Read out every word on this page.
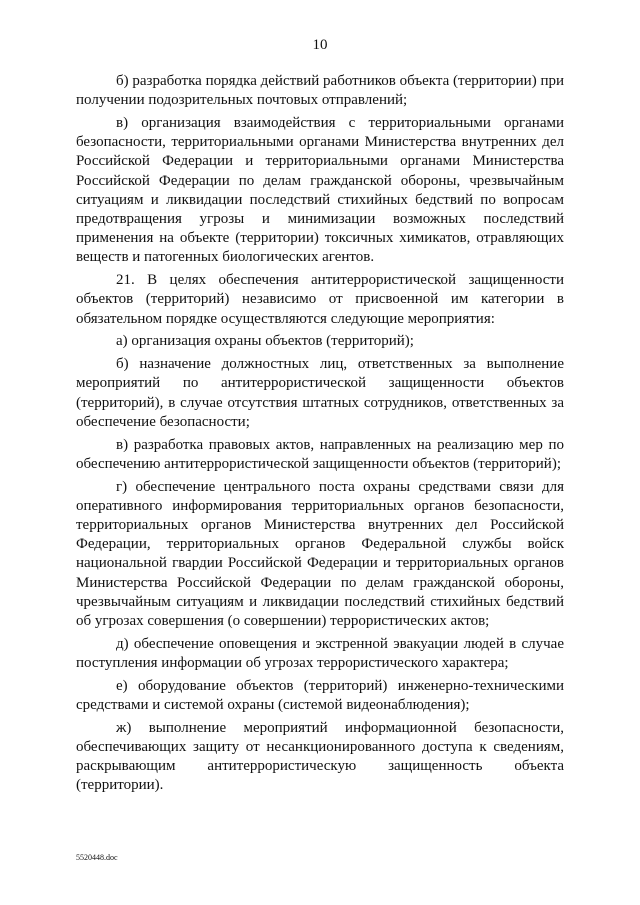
10

б) разработка порядка действий работников объекта (территории) при получении подозрительных почтовых отправлений;

в) организация взаимодействия с территориальными органами безопасности, территориальными органами Министерства внутренних дел Российской Федерации и территориальными органами Министерства Российской Федерации по делам гражданской обороны, чрезвычайным ситуациям и ликвидации последствий стихийных бедствий по вопросам предотвращения угрозы и минимизации возможных последствий применения на объекте (территории) токсичных химикатов, отравляющих веществ и патогенных биологических агентов.

21. В целях обеспечения антитеррористической защищенности объектов (территорий) независимо от присвоенной им категории в обязательном порядке осуществляются следующие мероприятия:

а) организация охраны объектов (территорий);

б) назначение должностных лиц, ответственных за выполнение мероприятий по антитеррористической защищенности объектов (территорий), в случае отсутствия штатных сотрудников, ответственных за обеспечение безопасности;

в) разработка правовых актов, направленных на реализацию мер по обеспечению антитеррористической защищенности объектов (территорий);

г) обеспечение центрального поста охраны средствами связи для оперативного информирования территориальных органов безопасности, территориальных органов Министерства внутренних дел Российской Федерации, территориальных органов Федеральной службы войск национальной гвардии Российской Федерации и территориальных органов Министерства Российской Федерации по делам гражданской обороны, чрезвычайным ситуациям и ликвидации последствий стихийных бедствий об угрозах совершения (о совершении) террористических актов;

д) обеспечение оповещения и экстренной эвакуации людей в случае поступления информации об угрозах террористического характера;

е) оборудование объектов (территорий) инженерно-техническими средствами и системой охраны (системой видеонаблюдения);

ж) выполнение мероприятий информационной безопасности, обеспечивающих защиту от несанкционированного доступа к сведениям, раскрывающим антитеррористическую защищенность объекта (территории).

5520448.doc
